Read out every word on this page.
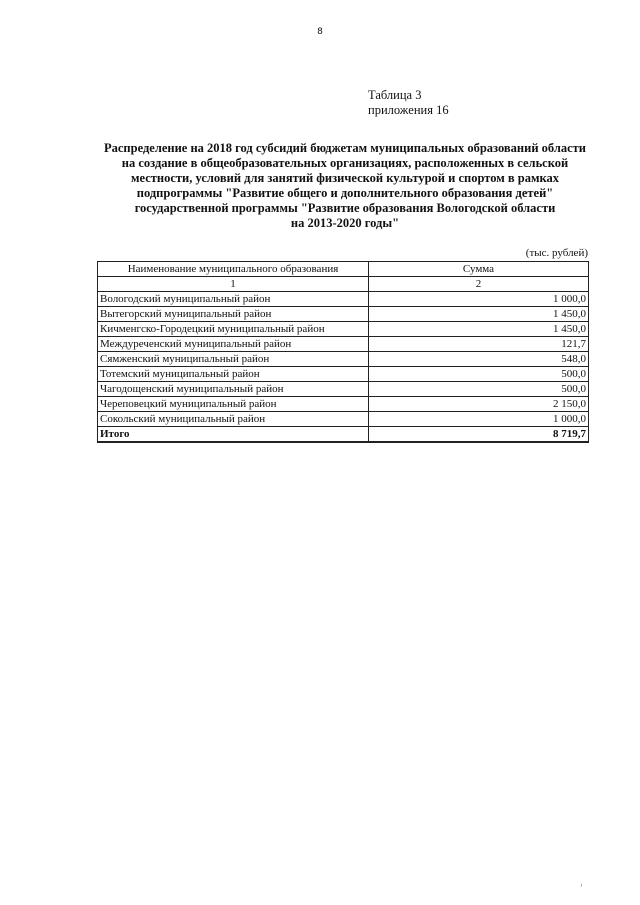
8
Таблица 3
приложения 16
Распределение на 2018 год субсидий бюджетам муниципальных образований области
на создание в общеобразовательных организациях, расположенных в сельской
местности, условий для занятий физической культурой и спортом в рамках
подпрограммы "Развитие общего и дополнительного образования детей"
государственной программы "Развитие образования Вологодской области
на 2013-2020 годы"
(тыс. рублей)
Наименование муниципального образования	Сумма
1	2
Вологодский муниципальный район	1 000,0
Вытегорский муниципальный район	1 450,0
Кичменгско-Городецкий муниципальный район	1 450,0
Междуреченский муниципальный район	121,7
Сямженский муниципальный район	548,0
Тотемский муниципальный район	500,0
Чагодощенский муниципальный район	500,0
Череповецкий муниципальный район	2 150,0
Сокольский муниципальный район	1 000,0
Итого	8 719,7
ı
